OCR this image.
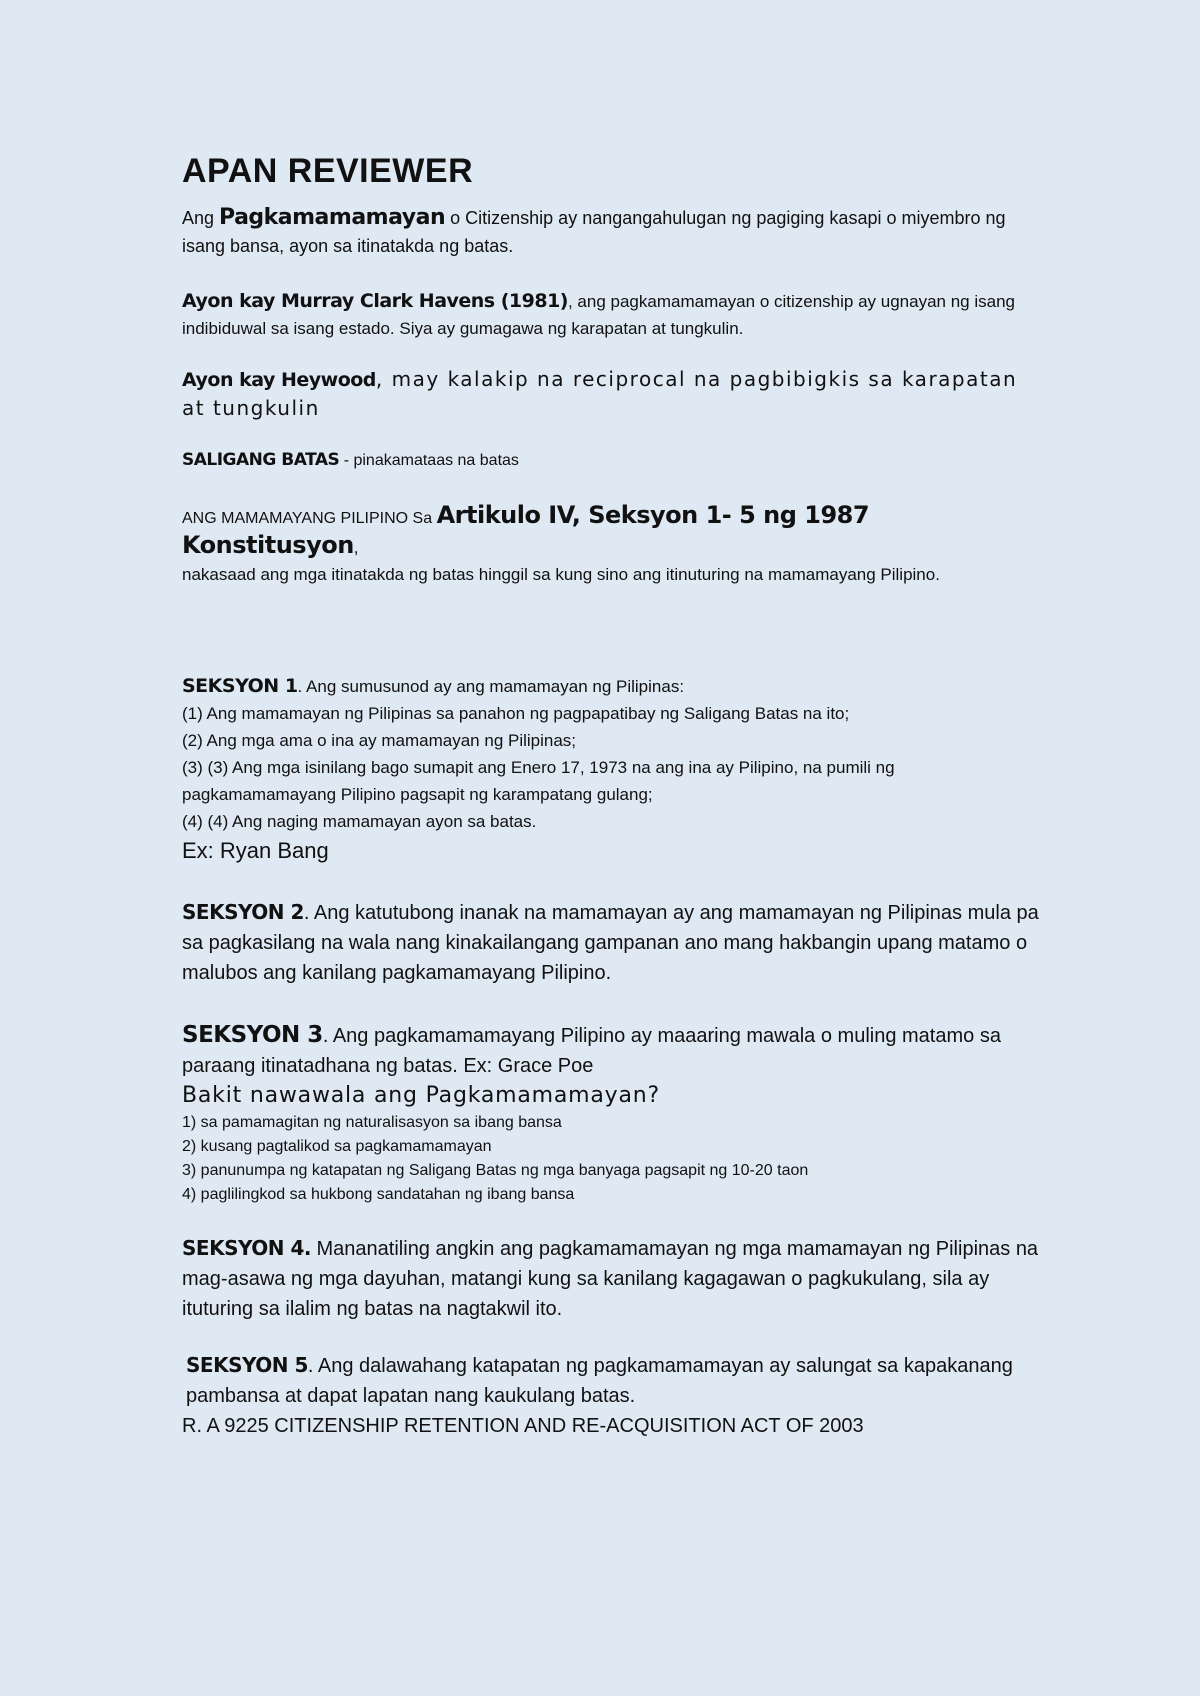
APAN REVIEWER

Ang Pagkamamamayan o Citizenship ay nangangahulugan ng pagiging kasapi o miyembro ng isang bansa, ayon sa itinatakda ng batas.

Ayon kay Murray Clark Havens (1981), ang pagkamamamayan o citizenship ay ugnayan ng isang indibiduwal sa isang estado. Siya ay gumagawa ng karapatan at tungkulin.

Ayon kay Heywood, may kalakip na reciprocal na pagbibigkis sa karapatan at tungkulin

SALIGANG BATAS - pinakamataas na batas

ANG MAMAMAYANG PILIPINO Sa Artikulo IV, Seksyon 1- 5 ng 1987 Konstitusyon,
nakasaad ang mga itinatakda ng batas hinggil sa kung sino ang itinuturing na mamamayang Pilipino.

SEKSYON 1. Ang sumusunod ay ang mamamayan ng Pilipinas:
(1) Ang mamamayan ng Pilipinas sa panahon ng pagpapatibay ng Saligang Batas na ito;
(2) Ang mga ama o ina ay mamamayan ng Pilipinas;
(3) (3) Ang mga isinilang bago sumapit ang Enero 17, 1973 na ang ina ay Pilipino, na pumili ng pagkamamamayang Pilipino pagsapit ng karampatang gulang;
(4) (4) Ang naging mamamayan ayon sa batas.
Ex: Ryan Bang

SEKSYON 2. Ang katutubong inanak na mamamayan ay ang mamamayan ng Pilipinas mula pa sa pagkasilang na wala nang kinakailangang gampanan ano mang hakbangin upang matamo o malubos ang kanilang pagkamamayang Pilipino.

SEKSYON 3. Ang pagkamamamayang Pilipino ay maaaring mawala o muling matamo sa paraang itinatadhana ng batas. Ex: Grace Poe
Bakit nawawala ang Pagkamamamayan?
1) sa pamamagitan ng naturalisasyon sa ibang bansa
2) kusang pagtalikod sa pagkamamamayan
3) panunumpa ng katapatan ng Saligang Batas ng mga banyaga pagsapit ng 10-20 taon
4) paglilingkod sa hukbong sandatahan ng ibang bansa

SEKSYON 4. Mananatiling angkin ang pagkamamamayan ng mga mamamayan ng Pilipinas na mag-asawa ng mga dayuhan, matangi kung sa kanilang kagagawan o pagkukulang, sila ay ituturing sa ilalim ng batas na nagtakwil ito.

SEKSYON 5. Ang dalawahang katapatan ng pagkamamamayan ay salungat sa kapakanang pambansa at dapat lapatan nang kaukulang batas.
R. A 9225 CITIZENSHIP RETENTION AND RE-ACQUISITION ACT OF 2003
